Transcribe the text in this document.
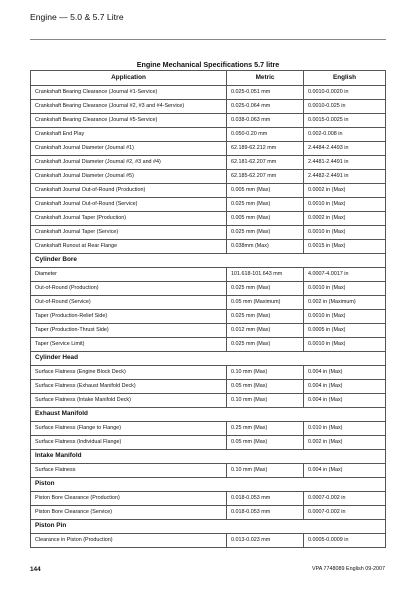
Engine — 5.0 & 5.7 Litre
Engine Mechanical Specifications 5.7 litre
Application	Metric	English
Crankshaft Bearing Clearance (Journal #1-Service)	0.025-0.051 mm	0.0010-0.0020 in
Crankshaft Bearing Clearance (Journal #2, #3 and #4-Service)	0.025-0.064 mm	0.0010-0.025 in
Crankshaft Bearing Clearance (Journal #5-Service)	0.038-0.063 mm	0.0015-0.0025 in
Crankshaft End Play	0.050-0.20 mm	0.002-0.008 in
Crankshaft Journal Diameter (Journal #1)	62.189-62.212 mm	2.4484-2.4493 in
Crankshaft Journal Diameter (Journal #2, #3 and #4)	62.181-62.207 mm	2.4481-2.4491 in
Crankshaft Journal Diameter (Journal #5)	62.185-62.207 mm	2.4482-2.4491 in
Crankshaft Journal Out-of-Round (Production)	0.005 mm (Max)	0.0002 in (Max)
Crankshaft Journal Out-of-Round (Service)	0.025 mm (Max)	0.0010 in (Max)
Crankshaft Journal Taper (Production)	0.005 mm (Max)	0.0002 in (Max)
Crankshaft Journal Taper (Service)	0.025 mm (Max)	0.0010 in (Max)
Crankshaft Runout at Rear Flange	0.038mm (Max)	0.0015 in (Max)
Cylinder Bore		
Diameter	101.618-101.643 mm	4.0007-4.0017 in
Out-of-Round (Production)	0.025 mm (Max)	0.0010 in (Max)
Out-of-Round (Service)	0.05 mm (Maximum)	0.002 in (Maximum)
Taper (Production-Relief Side)	0.025 mm (Max)	0.0010 in (Max)
Taper (Production-Thrust Side)	0.012 mm (Max)	0.0005 in (Max)
Taper (Service Limit)	0.025 mm (Max)	0.0010 in (Max)
Cylinder Head		
Surface Flatness (Engine Block Deck)	0.10 mm (Max)	0.004 in (Max)
Surface Flatness (Exhaust Manifold Deck)	0.05 mm (Max)	0.004 in (Max)
Surface Flatness (Intake Manifold Deck)	0.10 mm (Max)	0.004 in (Max)
Exhaust Manifold		
Surface Flatness (Flange to Flange)	0.25 mm (Max)	0.010 in (Max)
Surface Flatness (Individual Flange)	0.05 mm (Max)	0.002 in (Max)
Intake Manifold		
Surface Flatness	0.10 mm (Max)	0.004 in (Max)
Piston		
Piston Bore Clearance (Production)	0.018-0.053 mm	0.0007-0.002 in
Piston Bore Clearance (Service)	0.018-0.053 mm	0.0007-0.002 in
Piston Pin		
Clearance in Piston (Production)	0.013-0.023 mm	0.0005-0.0009 in
144	VPA 7748089 English 09-2007
